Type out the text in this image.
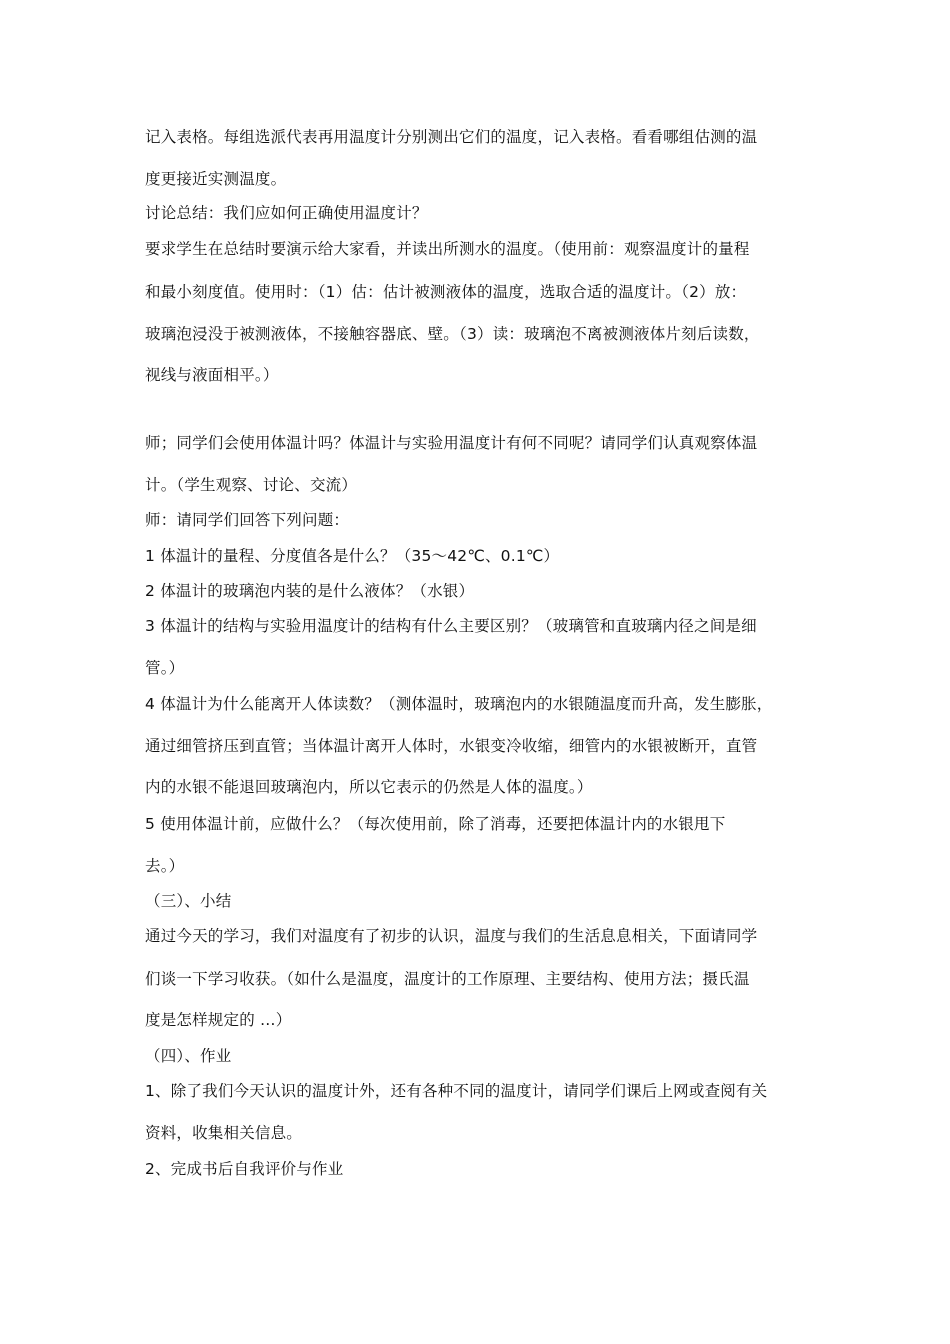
记入表格。每组选派代表再用温度计分别测出它们的温度，记入表格。看看哪组估测的温
度更接近实测温度。
讨论总结：我们应如何正确使用温度计？
要求学生在总结时要演示给大家看，并读出所测水的温度。（使用前：观察温度计的量程
和最小刻度值。使用时：（1）估：估计被测液体的温度，选取合适的温度计。（2）放：
玻璃泡浸没于被测液体，不接触容器底、壁。（3）读：玻璃泡不离被测液体片刻后读数，
视线与液面相平。）
师；同学们会使用体温计吗？体温计与实验用温度计有何不同呢？请同学们认真观察体温
计。（学生观察、讨论、交流）
师：请同学们回答下列问题：
1 体温计的量程、分度值各是什么？（35～42℃、0.1℃）
2 体温计的玻璃泡内装的是什么液体？（水银）
3 体温计的结构与实验用温度计的结构有什么主要区别？（玻璃管和直玻璃内径之间是细
管。）
4 体温计为什么能离开人体读数？（测体温时，玻璃泡内的水银随温度而升高，发生膨胀，
通过细管挤压到直管；当体温计离开人体时，水银变冷收缩，细管内的水银被断开，直管
内的水银不能退回玻璃泡内，所以它表示的仍然是人体的温度。）
5 使用体温计前，应做什么？（每次使用前，除了消毒，还要把体温计内的水银甩下
去。）
（三）、小结
通过今天的学习，我们对温度有了初步的认识，温度与我们的生活息息相关，下面请同学
们谈一下学习收获。（如什么是温度，温度计的工作原理、主要结构、使用方法；摄氏温
度是怎样规定的 …）
（四）、作业
1、除了我们今天认识的温度计外，还有各种不同的温度计，请同学们课后上网或查阅有关
资料，收集相关信息。
2、完成书后自我评价与作业
